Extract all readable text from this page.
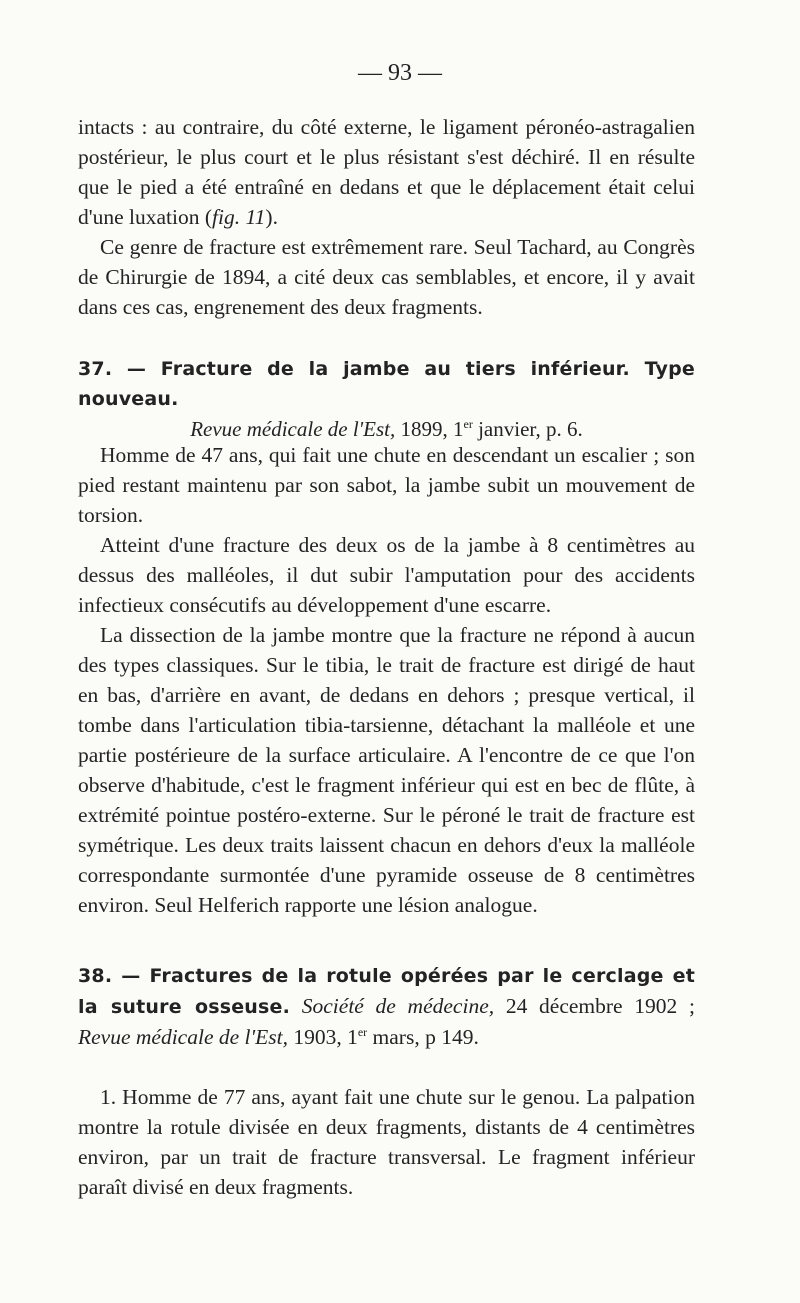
— 93 —

intacts : au contraire, du côté externe, le ligament péronéo-astragalien postérieur, le plus court et le plus résistant s'est déchiré. Il en résulte que le pied a été entraîné en dedans et que le déplacement était celui d'une luxation (fig. 11).

Ce genre de fracture est extrêmement rare. Seul Tachard, au Congrès de Chirurgie de 1894, a cité deux cas semblables, et encore, il y avait dans ces cas, engrenement des deux fragments.

37. — Fracture de la jambe au tiers inférieur. Type nouveau.

Revue médicale de l'Est, 1899, 1er janvier, p. 6.

Homme de 47 ans, qui fait une chute en descendant un escalier ; son pied restant maintenu par son sabot, la jambe subit un mouvement de torsion.

Atteint d'une fracture des deux os de la jambe à 8 centimètres au dessus des malléoles, il dut subir l'amputation pour des accidents infectieux consécutifs au développement d'une escarre.

La dissection de la jambe montre que la fracture ne répond à aucun des types classiques. Sur le tibia, le trait de fracture est dirigé de haut en bas, d'arrière en avant, de dedans en dehors ; presque vertical, il tombe dans l'articulation tibia-tarsienne, détachant la malléole et une partie postérieure de la surface articulaire. A l'encontre de ce que l'on observe d'habitude, c'est le fragment inférieur qui est en bec de flûte, à extrémité pointue postéro-externe. Sur le péroné le trait de fracture est symétrique. Les deux traits laissent chacun en dehors d'eux la malléole correspondante surmontée d'une pyramide osseuse de 8 centimètres environ. Seul Helferich rapporte une lésion analogue.

38. — Fractures de la rotule opérées par le cerclage et la suture osseuse. Société de médecine, 24 décembre 1902 ; Revue médicale de l'Est, 1903, 1er mars, p 149.

1. Homme de 77 ans, ayant fait une chute sur le genou. La palpation montre la rotule divisée en deux fragments, distants de 4 centimètres environ, par un trait de fracture transversal. Le fragment inférieur paraît divisé en deux fragments.
